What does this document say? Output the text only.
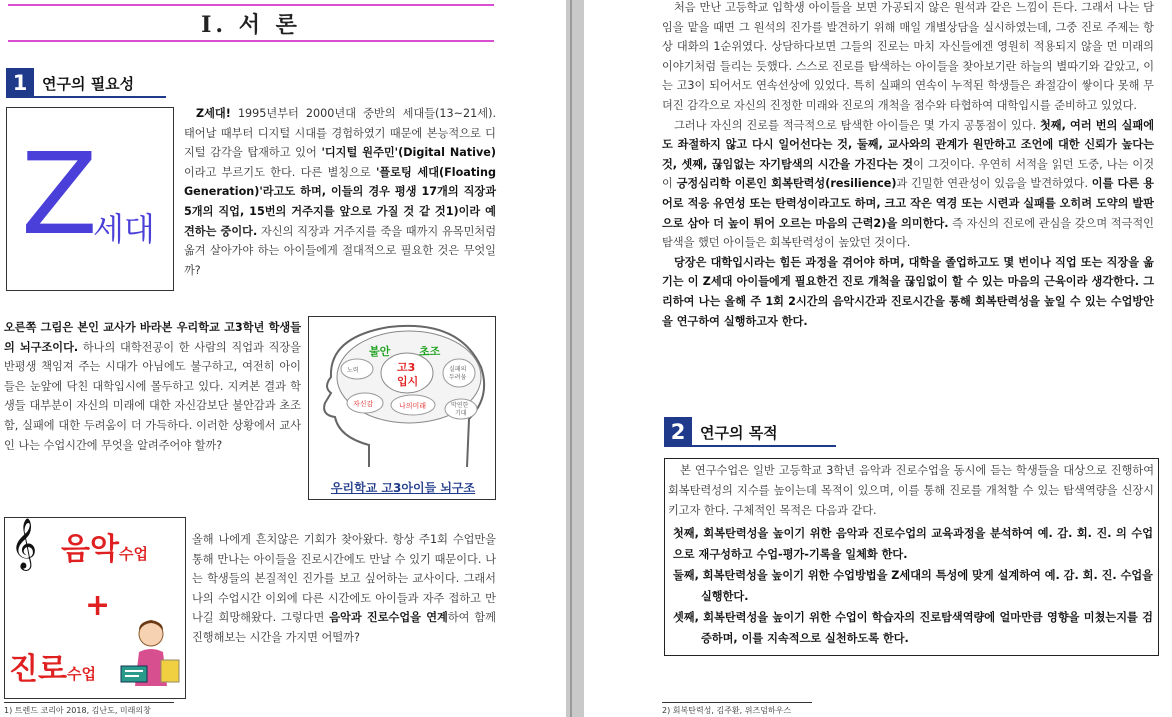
Ⅰ. 서 론
1 연구의 필요성
Z
세대

Z세대! 1995년부터 2000년대 중반의 세대들(13~21세). 태어날 때부터 디지털 시대를 경험하였기 때문에 본능적으로 디지털 감각을 탑재하고 있어 '디지털 원주민'(Digital Native)이라고 부르기도 한다. 다른 별칭으로 '플로팅 세대(Floating Generation)'라고도 하며, 이들의 경우 평생 17개의 직장과 5개의 직업, 15번의 거주지를 앞으로 가질 것 같 것1)이라 예견하는 중이다. 자신의 직장과 거주지를 죽을 때까지 유목민처럼 옮겨 살아가야 하는 아이들에게 절대적으로 필요한 것은 무엇일까?

오른쪽 그림은 본인 교사가 바라본 우리학교 고3학년 학생들의 뇌구조이다. 하나의 대학전공이 한 사람의 직업과 직장을 반평생 책임져 주는 시대가 아님에도 불구하고, 여전히 아이들은 눈앞에 닥친 대학입시에 몰두하고 있다. 지켜본 결과 학생들 대부분이 자신의 미래에 대한 자신감보단 불안감과 초조함, 실패에 대한 두려움이 더 가득하다. 이러한 상황에서 교사인 나는 수업시간에 무엇을 알려주어야 할까?

불안	초조
고3
입시
노력	실패의
두려움
자신감	나의미래	막연한
기대
우리학교 고3아이들 뇌구조
𝄞 음악수업
+
진로수업

올해 나에게 흔치않은 기회가 찾아왔다. 항상 주1회 수업만을 통해 만나는 아이들을 진로시간에도 만날 수 있기 때문이다. 나는 학생들의 본질적인 진가를 보고 싶어하는 교사이다. 그래서 나의 수업시간 이외에 다른 시간에도 아이들과 자주 접하고 만나길 희망해왔다. 그렇다면 음악과 진로수업을 연계하여 함께 진행해보는 시간을 가지면 어떨까?

1) 트렌드 코리아 2018, 김난도, 미래의창

처음 만난 고등학교 입학생 아이들을 보면 가공되지 않은 원석과 같은 느낌이 든다. 그래서 나는 담임을 맡을 때면 그 원석의 진가를 발견하기 위해 매일 개별상담을 실시하였는데, 그중 진로 주제는 항상 대화의 1순위였다. 상담하다보면 그들의 진로는 마치 자신들에겐 영원히 적용되지 않을 먼 미래의 이야기처럼 들리는 듯했다. 스스로 진로를 탐색하는 아이들을 찾아보기란 하늘의 별따기와 같았고, 이는 고3이 되어서도 연속선상에 있었다. 특히 실패의 연속이 누적된 학생들은 좌절감이 쌓이다 못해 무뎌진 감각으로 자신의 진정한 미래와 진로의 개척을 점수와 타협하여 대학입시를 준비하고 있었다.

그러나 자신의 진로를 적극적으로 탐색한 아이들은 몇 가지 공통점이 있다. 첫째, 여러 번의 실패에도 좌절하지 않고 다시 일어선다는 것, 둘째, 교사와의 관계가 원만하고 조언에 대한 신뢰가 높다는 것, 셋째, 끊임없는 자기탐색의 시간을 가진다는 것이 그것이다. 우연히 서적을 읽던 도중, 나는 이것이 긍정심리학 이론인 회복탄력성(resilience)과 긴밀한 연관성이 있음을 발견하였다. 이를 다른 용어로 적응 유연성 또는 탄력성이라고도 하며, 크고 작은 역경 또는 시련과 실패를 오히려 도약의 발판으로 삼아 더 높이 튀어 오르는 마음의 근력2)을 의미한다. 즉 자신의 진로에 관심을 갖으며 적극적인 탐색을 했던 아이들은 회복탄력성이 높았던 것이다.

당장은 대학입시라는 힘든 과정을 겪어야 하며, 대학을 졸업하고도 몇 번이나 직업 또는 직장을 옮기는 이 Z세대 아이들에게 필요한건 진로 개척을 끊임없이 할 수 있는 마음의 근육이라 생각한다. 그리하여 나는 올해 주 1회 2시간의 음악시간과 진로시간을 통해 회복탄력성을 높일 수 있는 수업방안을 연구하여 실행하고자 한다.

2 연구의 목적

본 연구수업은 일반 고등학교 3학년 음악과 진로수업을 동시에 듣는 학생들을 대상으로 진행하여 회복탄력성의 지수를 높이는데 목적이 있으며, 이를 통해 진로를 개척할 수 있는 탐색역량을 신장시키고자 한다. 구체적인 목적은 다음과 같다.

첫째, 회복탄력성을 높이기 위한 음악과 진로수업의 교육과정을 분석하여 예. 감. 회. 진. 의 수업으로 재구성하고 수업-평가-기록을 일체화 한다.
둘째, 회복탄력성을 높이기 위한 수업방법을 Z세대의 특성에 맞게 설계하여 예. 감. 회. 진. 수업을 실행한다.
셋째, 회복탄력성을 높이기 위한 수업이 학습자의 진로탐색역량에 얼마만큼 영향을 미쳤는지를 검증하며, 이를 지속적으로 실천하도록 한다.
2) 회복탄력성, 김주환, 위즈덤하우스
